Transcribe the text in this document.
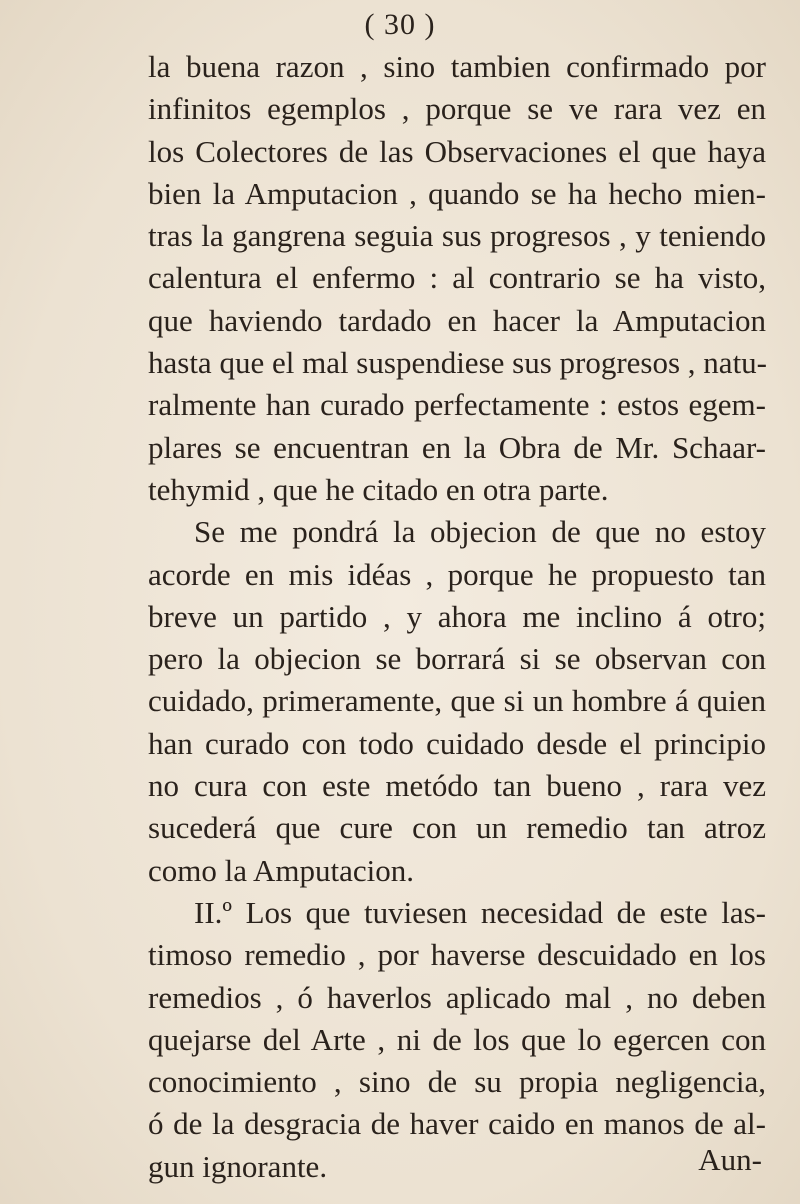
( 30 )
la buena razon , sino tambien confirmado por
infinitos egemplos , porque se ve rara vez en
los Colectores de las Observaciones el que haya
bien la Amputacion , quando se ha hecho mien-
tras la gangrena seguia sus progresos , y teniendo
calentura el enfermo : al contrario se ha visto,
que haviendo tardado en hacer la Amputacion
hasta que el mal suspendiese sus progresos , natu-
ralmente han curado perfectamente : estos egem-
plares se encuentran en la Obra de Mr. Schaar-
tehymid , que he citado en otra parte.
Se me pondrá la objecion de que no estoy
acorde en mis idéas , porque he propuesto tan
breve un partido , y ahora me inclino á otro;
pero la objecion se borrará si se observan con
cuidado, primeramente, que si un hombre á quien
han curado con todo cuidado desde el principio
no cura con este metódo tan bueno , rara vez
sucederá que cure con un remedio tan atroz
como la Amputacion.
II.º Los que tuviesen necesidad de este las-
timoso remedio , por haverse descuidado en los
remedios , ó haverlos aplicado mal , no deben
quejarse del Arte , ni de los que lo egercen con
conocimiento , sino de su propia negligencia,
ó de la desgracia de haver caido en manos de al-
gun ignorante.	Aun-
